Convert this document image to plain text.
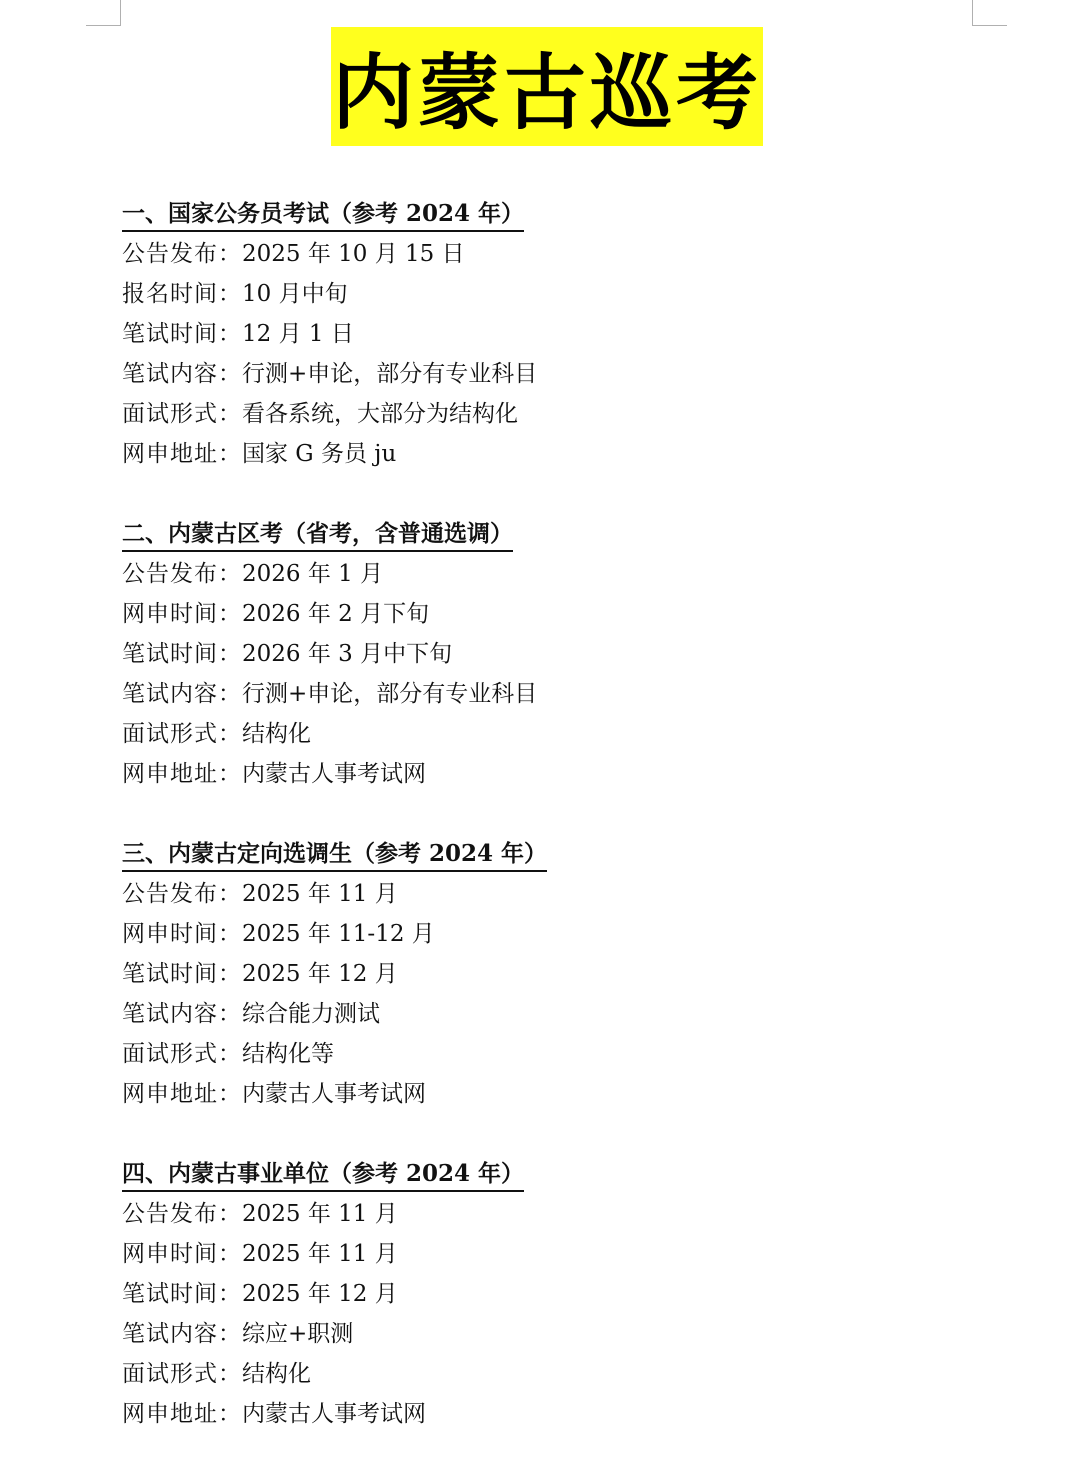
内蒙古巡考
一、国家公务员考试（参考 2024 年）
公告发布：2025 年 10 月 15 日
报名时间：10 月中旬
笔试时间：12 月 1 日
笔试内容：行测+申论，部分有专业科目
面试形式：看各系统，大部分为结构化
网申地址：国家 G 务员 ju
二、内蒙古区考（省考，含普通选调）
公告发布：2026 年 1 月
网申时间：2026 年 2 月下旬
笔试时间：2026 年 3 月中下旬
笔试内容：行测+申论，部分有专业科目
面试形式：结构化
网申地址：内蒙古人事考试网
三、内蒙古定向选调生（参考 2024 年）
公告发布：2025 年 11 月
网申时间：2025 年 11-12 月
笔试时间：2025 年 12 月
笔试内容：综合能力测试
面试形式：结构化等
网申地址：内蒙古人事考试网
四、内蒙古事业单位（参考 2024 年）
公告发布：2025 年 11 月
网申时间：2025 年 11 月
笔试时间：2025 年 12 月
笔试内容：综应+职测
面试形式：结构化
网申地址：内蒙古人事考试网
